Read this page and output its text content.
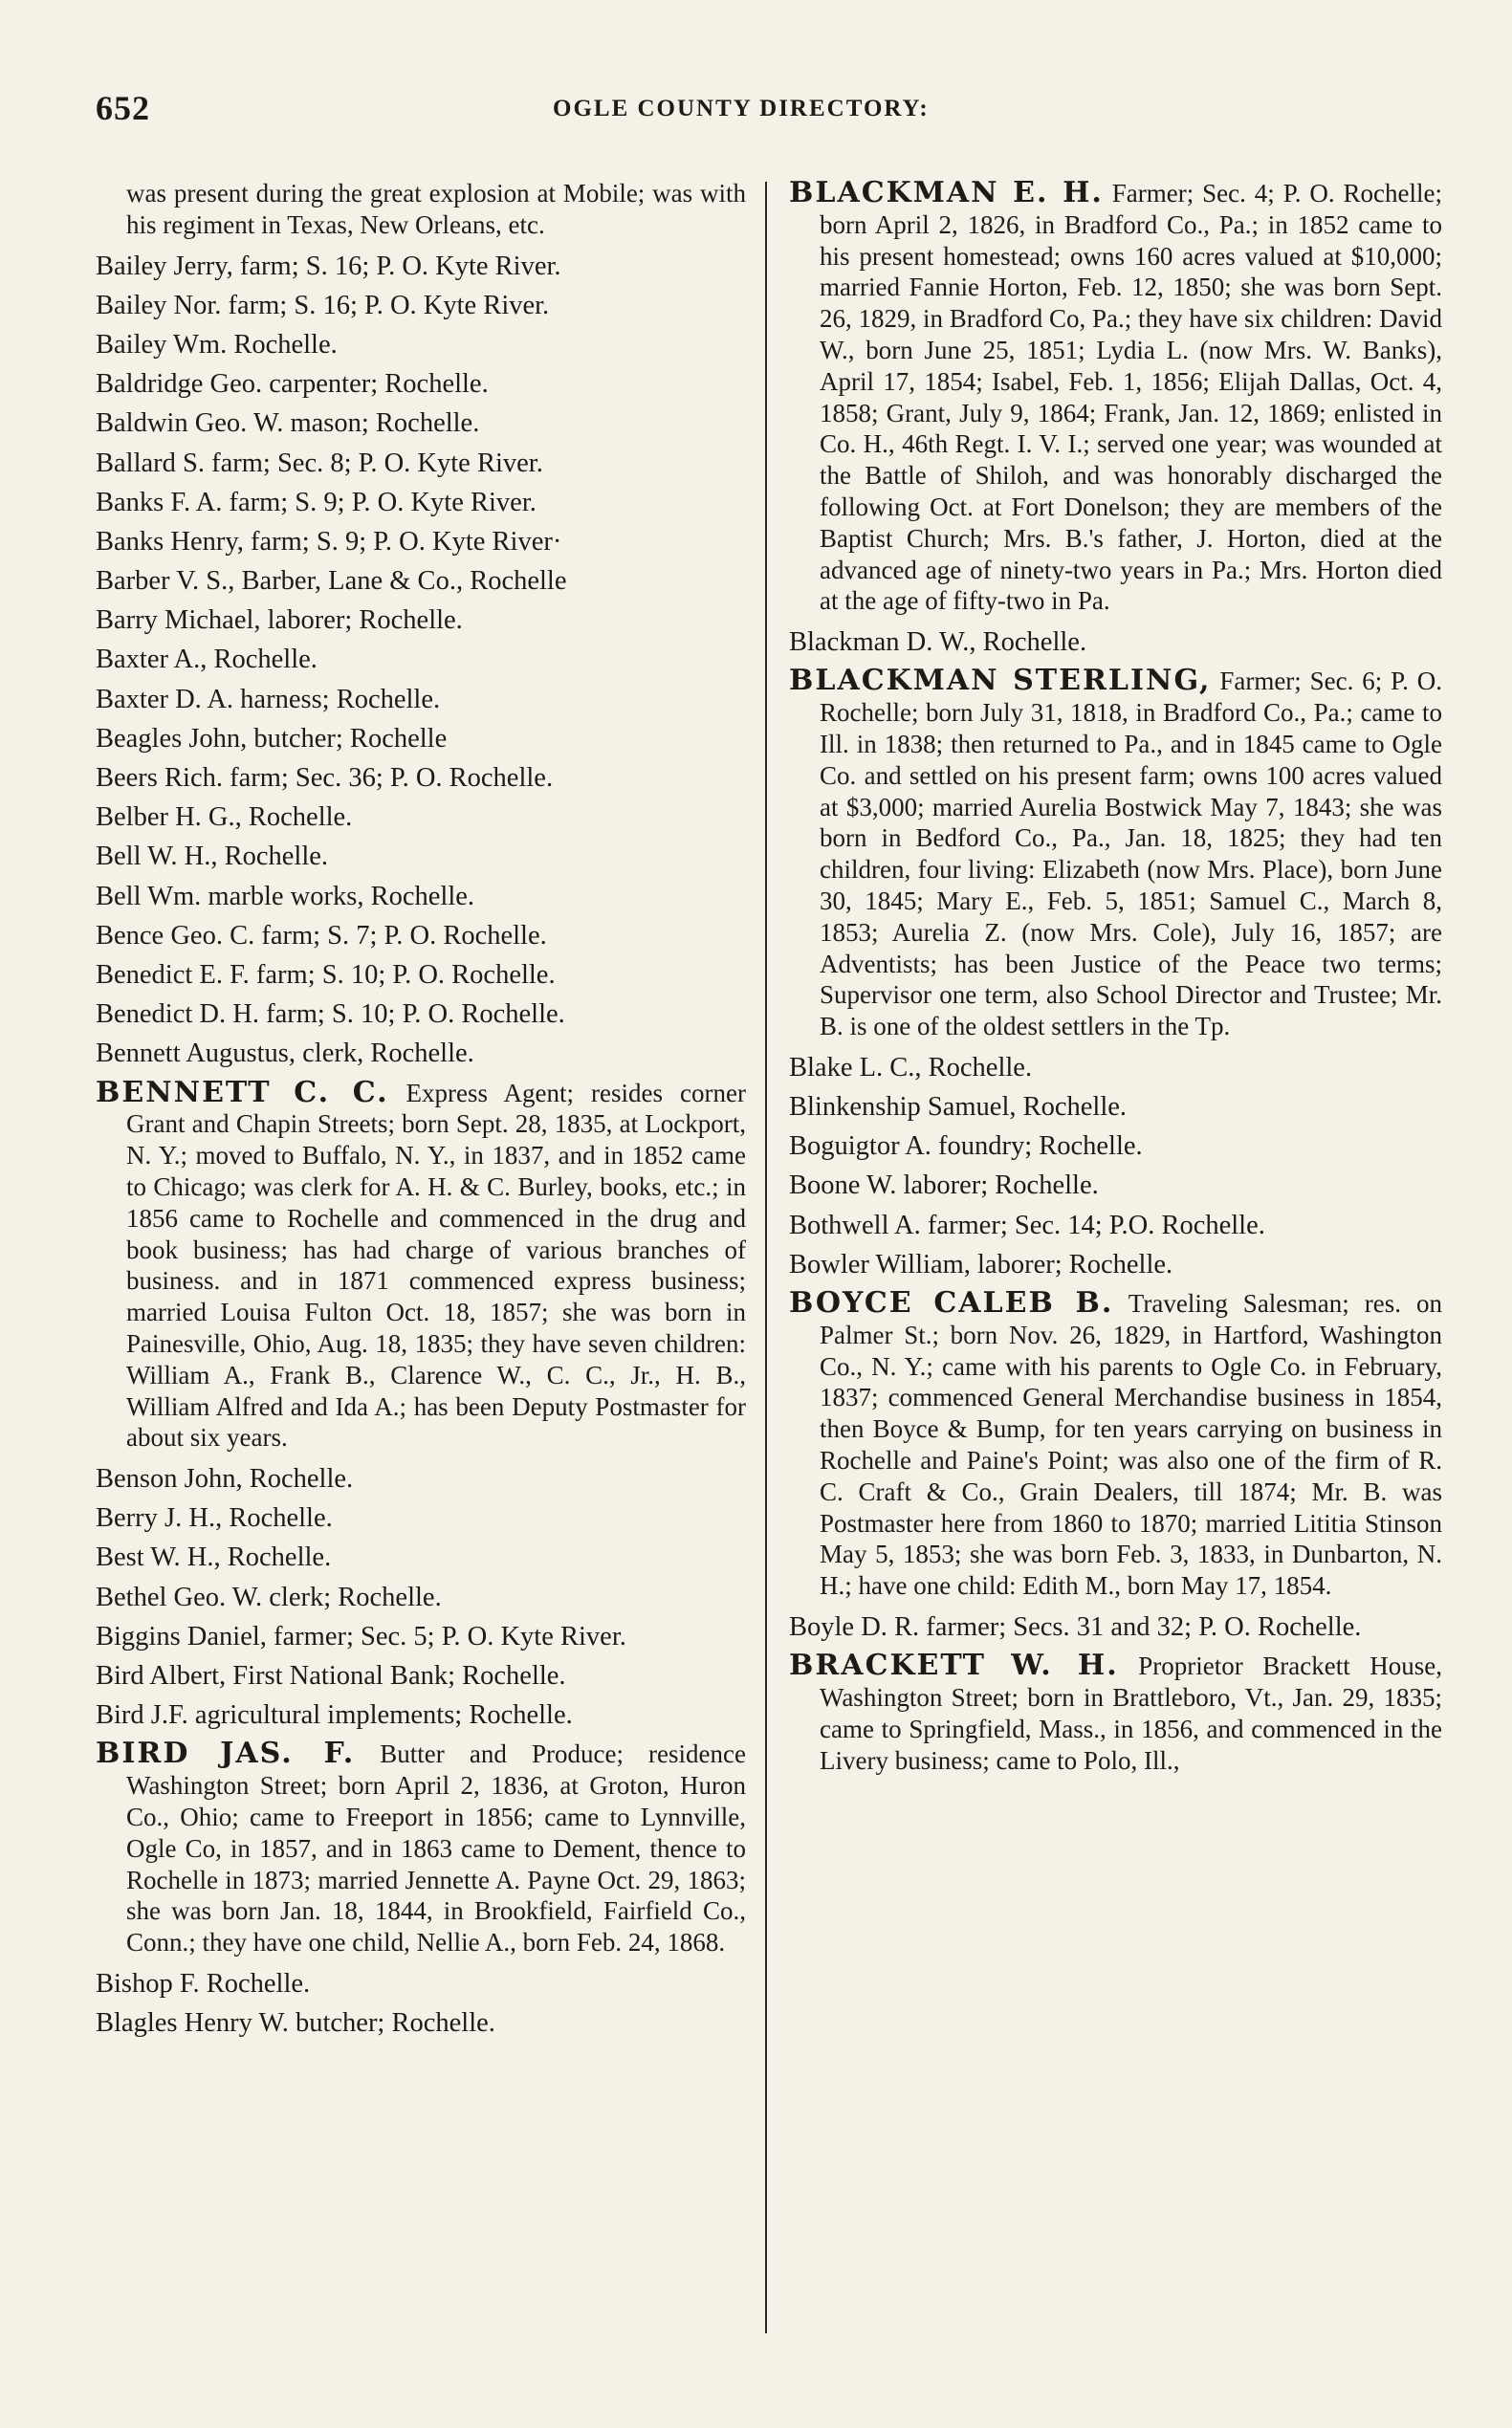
652	OGLE COUNTY DIRECTORY:
was present during the great explosion at Mobile; was with his regiment in Texas, New Orleans, etc.
Bailey Jerry, farm; S. 16; P. O. Kyte River.
Bailey Nor. farm; S. 16; P. O. Kyte River.
Bailey Wm. Rochelle.
Baldridge Geo. carpenter; Rochelle.
Baldwin Geo. W. mason; Rochelle.
Ballard S. farm; Sec. 8; P. O. Kyte River.
Banks F. A. farm; S. 9; P. O. Kyte River.
Banks Henry, farm; S. 9; P. O. Kyte River·
Barber V. S., Barber, Lane & Co., Rochelle
Barry Michael, laborer; Rochelle.
Baxter A., Rochelle.
Baxter D. A. harness; Rochelle.
Beagles John, butcher; Rochelle
Beers Rich. farm; Sec. 36; P. O. Rochelle.
Belber H. G., Rochelle.
Bell W. H., Rochelle.
Bell Wm. marble works, Rochelle.
Bence Geo. C. farm; S. 7; P. O. Rochelle.
Benedict E. F. farm; S. 10; P. O. Rochelle.
Benedict D. H. farm; S. 10; P. O. Rochelle.
Bennett Augustus, clerk, Rochelle.
BENNETT C. C. Express Agent; resides corner Grant and Chapin Streets; born Sept. 28, 1835, at Lockport, N. Y.; moved to Buffalo, N. Y., in 1837, and in 1852 came to Chicago; was clerk for A. H. & C. Burley, books, etc.; in 1856 came to Rochelle and commenced in the drug and book business; has had charge of various branches of business. and in 1871 commenced express business; married Louisa Fulton Oct. 18, 1857; she was born in Painesville, Ohio, Aug. 18, 1835; they have seven children: William A., Frank B., Clarence W., C. C., Jr., H. B., William Alfred and Ida A.; has been Deputy Postmaster for about six years.
Benson John, Rochelle.
Berry J. H., Rochelle.
Best W. H., Rochelle.
Bethel Geo. W. clerk; Rochelle.
Biggins Daniel, farmer; Sec. 5; P. O. Kyte River.
Bird Albert, First National Bank; Rochelle.
Bird J.F. agricultural implements; Rochelle.
BIRD JAS. F. Butter and Produce; residence Washington Street; born April 2, 1836, at Groton, Huron Co., Ohio; came to Freeport in 1856; came to Lynnville, Ogle Co, in 1857, and in 1863 came to Dement, thence to Rochelle in 1873; married Jennette A. Payne Oct. 29, 1863; she was born Jan. 18, 1844, in Brookfield, Fairfield Co., Conn.; they have one child, Nellie A., born Feb. 24, 1868.
Bishop F. Rochelle.
Blagles Henry W. butcher; Rochelle.
BLACKMAN E. H. Farmer; Sec. 4; P. O. Rochelle; born April 2, 1826, in Bradford Co., Pa.; in 1852 came to his present homestead; owns 160 acres valued at $10,000; married Fannie Horton, Feb. 12, 1850; she was born Sept. 26, 1829, in Bradford Co, Pa.; they have six children: David W., born June 25, 1851; Lydia L. (now Mrs. W. Banks), April 17, 1854; Isabel, Feb. 1, 1856; Elijah Dallas, Oct. 4, 1858; Grant, July 9, 1864; Frank, Jan. 12, 1869; enlisted in Co. H., 46th Regt. I. V. I.; served one year; was wounded at the Battle of Shiloh, and was honorably discharged the following Oct. at Fort Donelson; they are members of the Baptist Church; Mrs. B.'s father, J. Horton, died at the advanced age of ninety-two years in Pa.; Mrs. Horton died at the age of fifty-two in Pa.
Blackman D. W., Rochelle.
BLACKMAN STERLING, Farmer; Sec. 6; P. O. Rochelle; born July 31, 1818, in Bradford Co., Pa.; came to Ill. in 1838; then returned to Pa., and in 1845 came to Ogle Co. and settled on his present farm; owns 100 acres valued at $3,000; married Aurelia Bostwick May 7, 1843; she was born in Bedford Co., Pa., Jan. 18, 1825; they had ten children, four living: Elizabeth (now Mrs. Place), born June 30, 1845; Mary E., Feb. 5, 1851; Samuel C., March 8, 1853; Aurelia Z. (now Mrs. Cole), July 16, 1857; are Adventists; has been Justice of the Peace two terms; Supervisor one term, also School Director and Trustee; Mr. B. is one of the oldest settlers in the Tp.
Blake L. C., Rochelle.
Blinkenship Samuel, Rochelle.
Boguigtor A. foundry; Rochelle.
Boone W. laborer; Rochelle.
Bothwell A. farmer; Sec. 14; P.O. Rochelle.
Bowler William, laborer; Rochelle.
BOYCE CALEB B. Traveling Salesman; res. on Palmer St.; born Nov. 26, 1829, in Hartford, Washington Co., N. Y.; came with his parents to Ogle Co. in February, 1837; commenced General Merchandise business in 1854, then Boyce & Bump, for ten years carrying on business in Rochelle and Paine's Point; was also one of the firm of R. C. Craft & Co., Grain Dealers, till 1874; Mr. B. was Postmaster here from 1860 to 1870; married Lititia Stinson May 5, 1853; she was born Feb. 3, 1833, in Dunbarton, N. H.; have one child: Edith M., born May 17, 1854.
Boyle D. R. farmer; Secs. 31 and 32; P. O. Rochelle.
BRACKETT W. H. Proprietor Brackett House, Washington Street; born in Brattleboro, Vt., Jan. 29, 1835; came to Springfield, Mass., in 1856, and commenced in the Livery business; came to Polo, Ill.,
